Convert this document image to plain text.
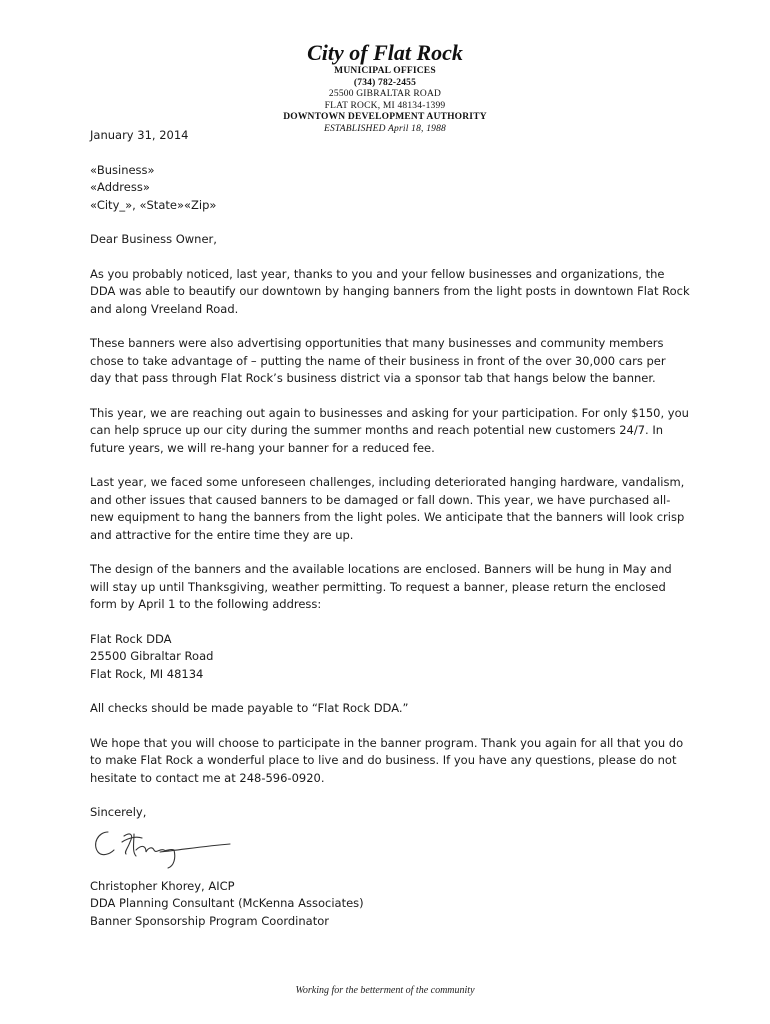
City of Flat Rock
MUNICIPAL OFFICES
(734) 782-2455
25500 GIBRALTAR ROAD
FLAT ROCK, MI 48134-1399
DOWNTOWN DEVELOPMENT AUTHORITY
ESTABLISHED April 18, 1988

January 31, 2014

«Business»
«Address»
«City_», «State»«Zip»

Dear Business Owner,

As you probably noticed, last year, thanks to you and your fellow businesses and organizations, the DDA was able to beautify our downtown by hanging banners from the light posts in downtown Flat Rock and along Vreeland Road.

These banners were also advertising opportunities that many businesses and community members chose to take advantage of – putting the name of their business in front of the over 30,000 cars per day that pass through Flat Rock’s business district via a sponsor tab that hangs below the banner.

This year, we are reaching out again to businesses and asking for your participation. For only $150, you can help spruce up our city during the summer months and reach potential new customers 24/7. In future years, we will re-hang your banner for a reduced fee.

Last year, we faced some unforeseen challenges, including deteriorated hanging hardware, vandalism, and other issues that caused banners to be damaged or fall down. This year, we have purchased all-new equipment to hang the banners from the light poles. We anticipate that the banners will look crisp and attractive for the entire time they are up.

The design of the banners and the available locations are enclosed. Banners will be hung in May and will stay up until Thanksgiving, weather permitting. To request a banner, please return the enclosed form by April 1 to the following address:

Flat Rock DDA
25500 Gibraltar Road
Flat Rock, MI 48134

All checks should be made payable to “Flat Rock DDA.”

We hope that you will choose to participate in the banner program. Thank you again for all that you do to make Flat Rock a wonderful place to live and do business. If you have any questions, please do not hesitate to contact me at 248-596-0920.

Sincerely,

Christopher Khorey, AICP
DDA Planning Consultant (McKenna Associates)
Banner Sponsorship Program Coordinator
Working for the betterment of the community
